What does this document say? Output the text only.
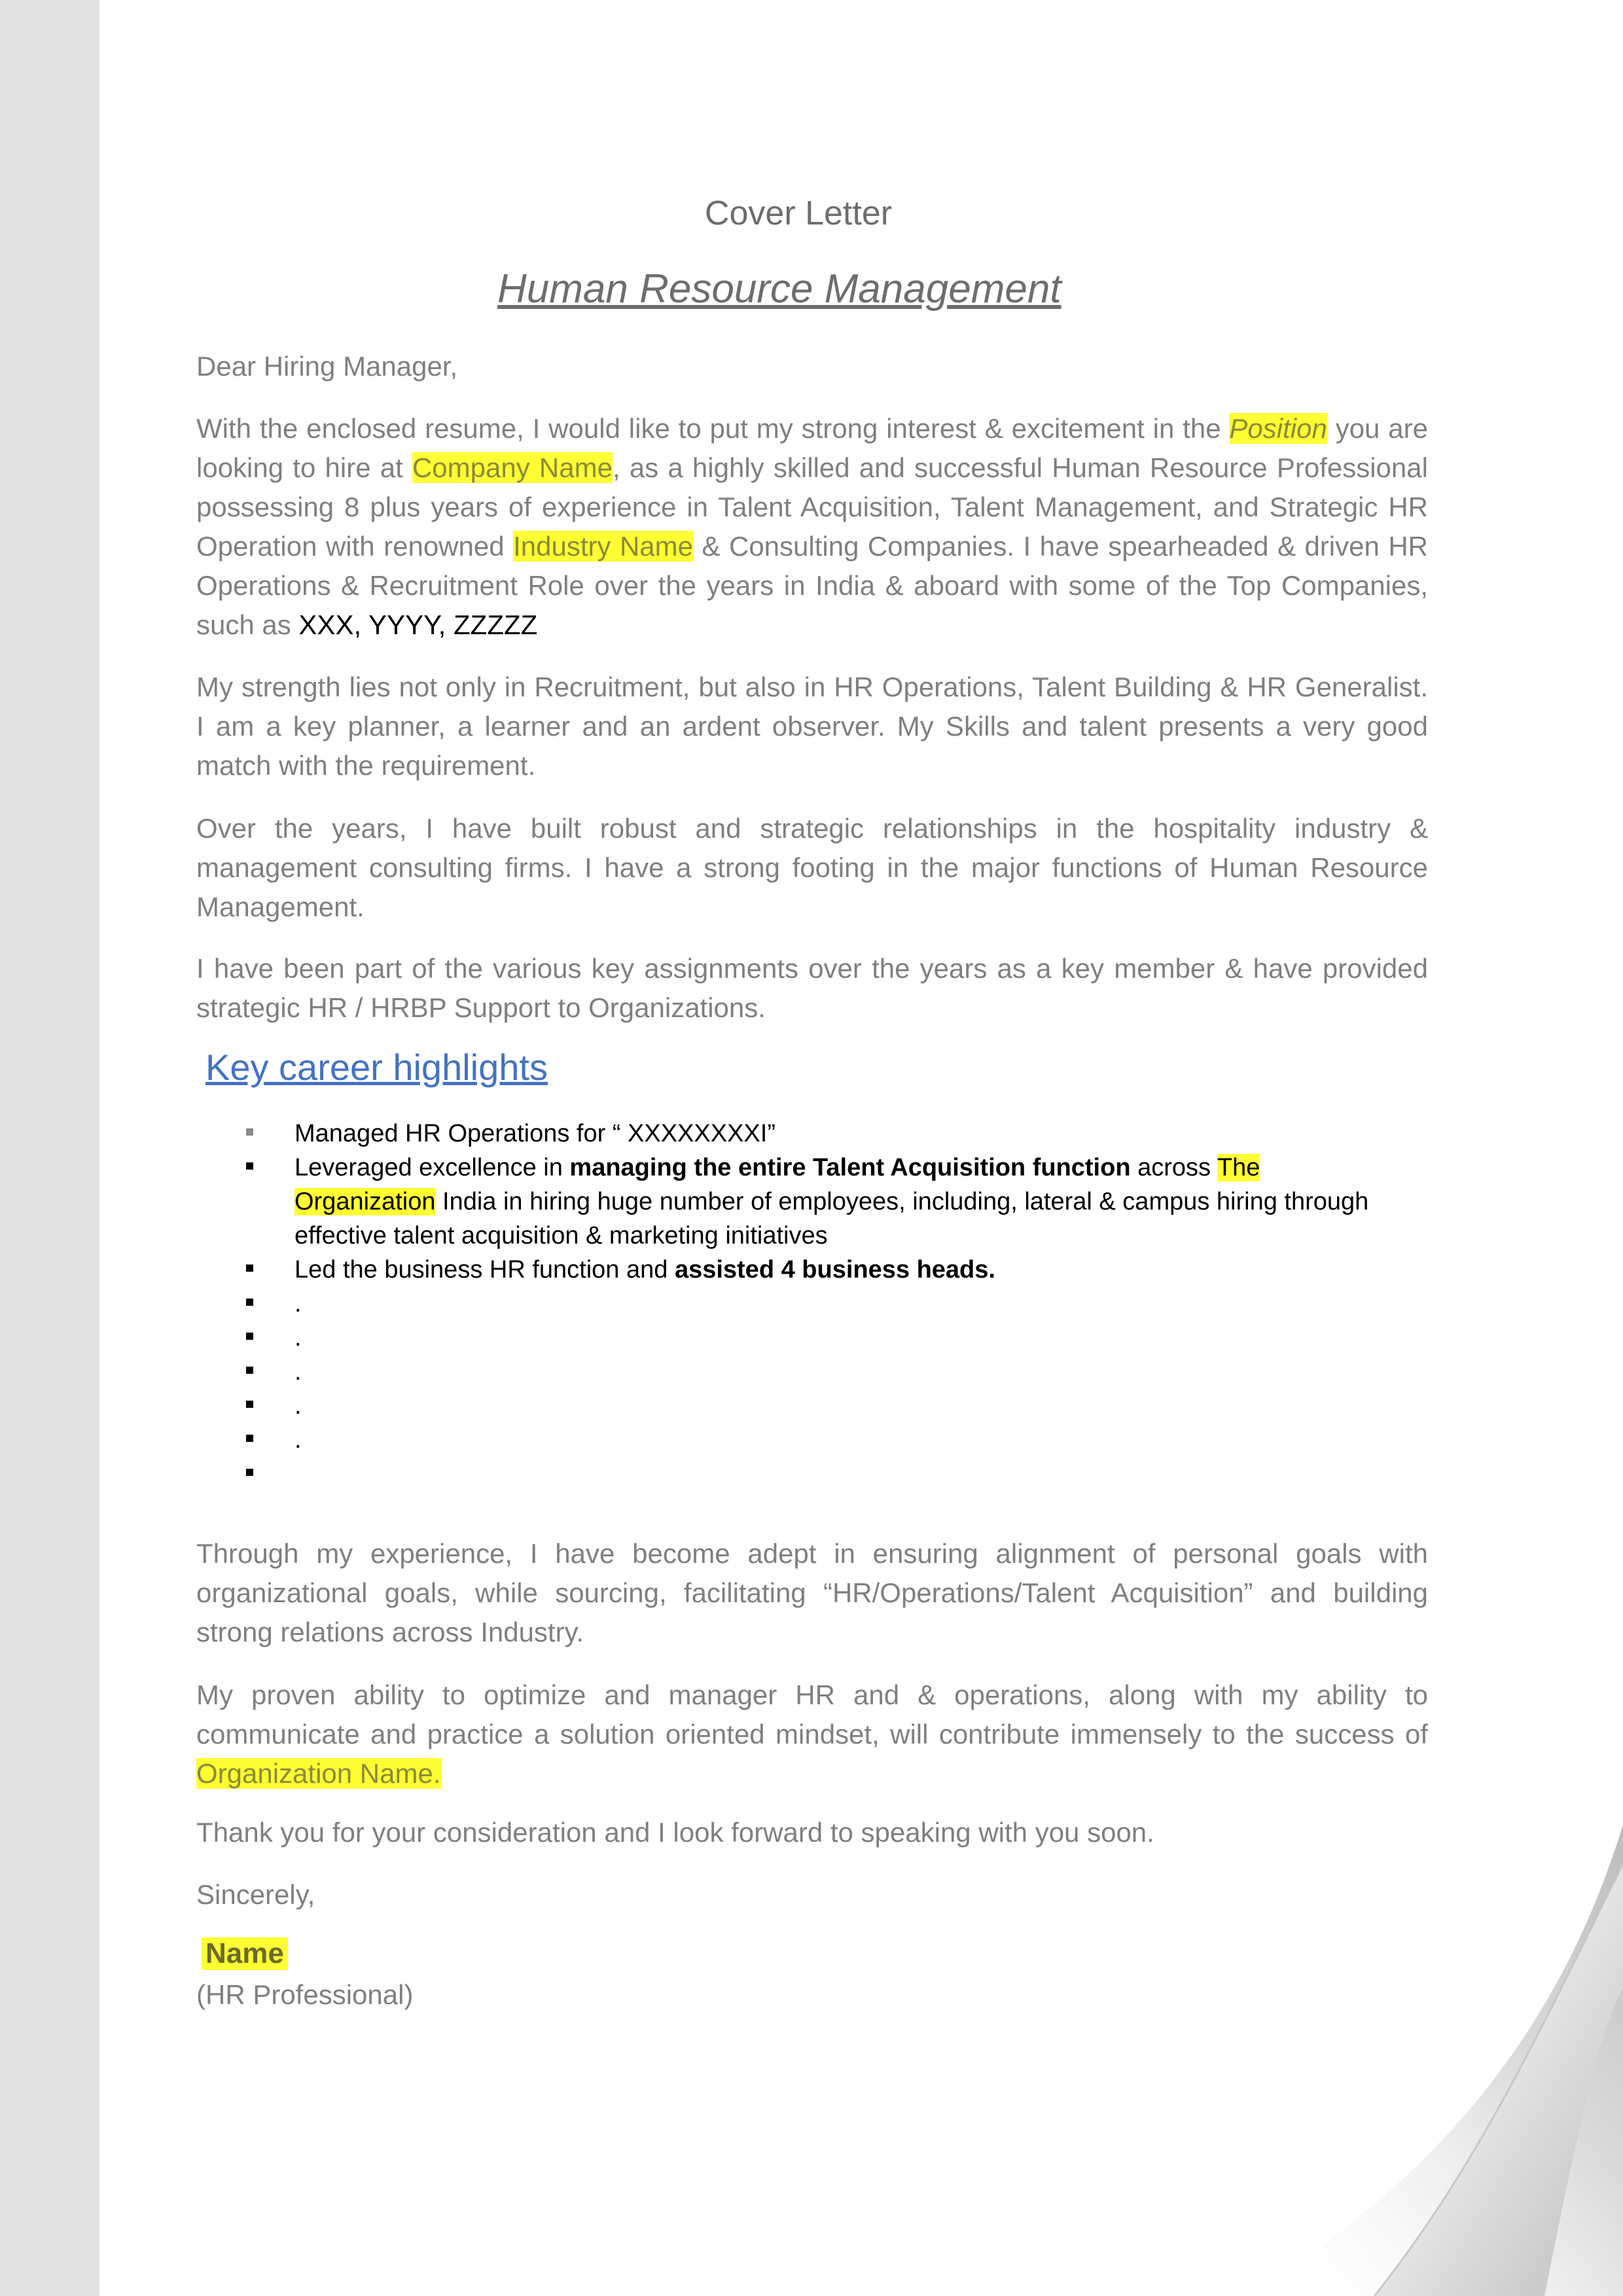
Cover Letter
Human Resource Management

Dear Hiring Manager,

With the enclosed resume, I would like to put my strong interest & excitement in the Position you are looking to hire at Company Name, as a highly skilled and successful Human Resource Professional possessing 8 plus years of experience in Talent Acquisition, Talent Management, and Strategic HR Operation with renowned Industry Name & Consulting Companies. I have spearheaded & driven HR Operations & Recruitment Role over the years in India & aboard with some of the Top Companies, such as XXX, YYYY, ZZZZZ

My strength lies not only in Recruitment, but also in HR Operations, Talent Building & HR Generalist. I am a key planner, a learner and an ardent observer. My Skills and talent presents a very good match with the requirement.

Over the years, I have built robust and strategic relationships in the hospitality industry & management consulting firms. I have a strong footing in the major functions of Human Resource Management.

I have been part of the various key assignments over the years as a key member & have provided strategic HR / HRBP Support to Organizations.

Key career highlights
Managed HR Operations for “ XXXXXXXXI”
Leveraged excellence in managing the entire Talent Acquisition function across The Organization India in hiring huge number of employees, including, lateral & campus hiring through effective talent acquisition & marketing initiatives
Led the business HR function and assisted 4 business heads.
.
.
.
.
.

Through my experience, I have become adept in ensuring alignment of personal goals with organizational goals, while sourcing, facilitating “HR/Operations/Talent Acquisition” and building strong relations across Industry.

My proven ability to optimize and manager HR and & operations, along with my ability to communicate and practice a solution oriented mindset, will contribute immensely to the success of Organization Name.

Thank you for your consideration and I look forward to speaking with you soon.

Sincerely,

Name
(HR Professional)
